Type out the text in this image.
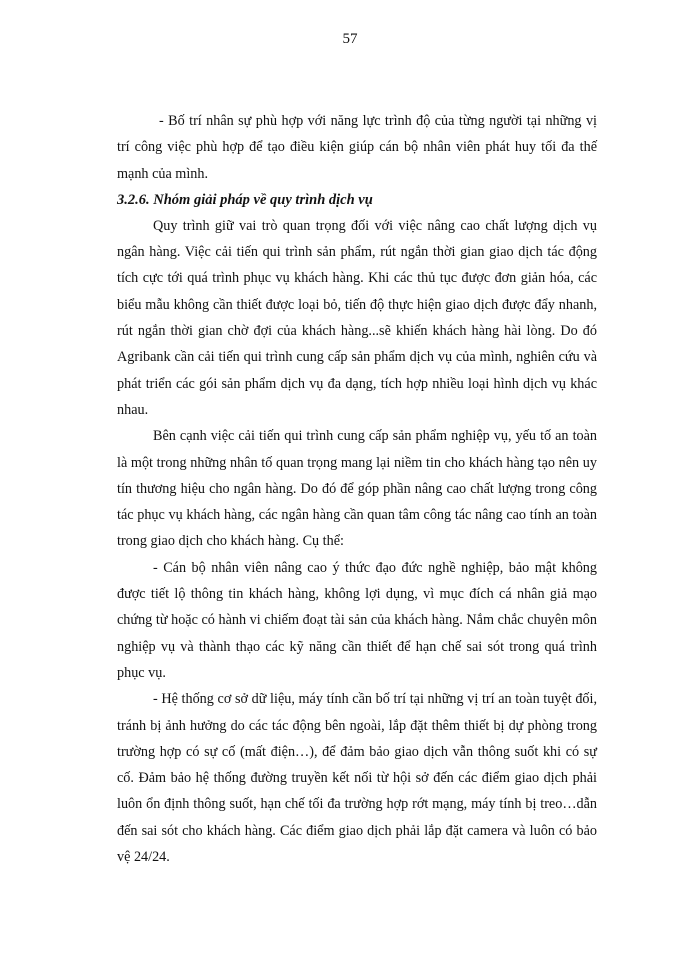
57

- Bố trí nhân sự phù hợp với năng lực trình độ của từng người tại những vị trí công việc phù hợp để tạo điều kiện giúp cán bộ nhân viên phát huy tối đa thế mạnh của mình.

3.2.6. Nhóm giải pháp về quy trình dịch vụ

Quy trình giữ vai trò quan trọng đối với việc nâng cao chất lượng dịch vụ ngân hàng. Việc cải tiến qui trình sản phẩm, rút ngắn thời gian giao dịch tác động tích cực tới quá trình phục vụ khách hàng. Khi các thủ tục được đơn giản hóa, các biểu mẫu không cần thiết được loại bỏ, tiến độ thực hiện giao dịch được đẩy nhanh, rút ngắn thời gian chờ đợi của khách hàng...sẽ khiến khách hàng hài lòng. Do đó Agribank cần cải tiến qui trình cung cấp sản phẩm dịch vụ của mình, nghiên cứu và phát triển các gói sản phẩm dịch vụ đa dạng, tích hợp nhiều loại hình dịch vụ khác nhau.

Bên cạnh việc cải tiến qui trình cung cấp sản phẩm nghiệp vụ, yếu tố an toàn là một trong những nhân tố quan trọng mang lại niềm tin cho khách hàng tạo nên uy tín thương hiệu cho ngân hàng. Do đó để góp phần nâng cao chất lượng trong công tác phục vụ khách hàng, các ngân hàng cần quan tâm công tác nâng cao tính an toàn trong giao dịch cho khách hàng. Cụ thể:

- Cán bộ nhân viên nâng cao ý thức đạo đức nghề nghiệp, bảo mật không được tiết lộ thông tin khách hàng, không lợi dụng, vì mục đích cá nhân giả mạo chứng từ hoặc có hành vi chiếm đoạt tài sản của khách hàng. Nắm chắc chuyên môn nghiệp vụ và thành thạo các kỹ năng cần thiết để hạn chế sai sót trong quá trình phục vụ.

- Hệ thống cơ sở dữ liệu, máy tính cần bố trí tại những vị trí an toàn tuyệt đối, tránh bị ảnh hưởng do các tác động bên ngoài, lắp đặt thêm thiết bị dự phòng trong trường hợp có sự cố (mất điện…), để đảm bảo giao dịch vẫn thông suốt khi có sự cố. Đảm bảo hệ thống đường truyền kết nối từ hội sở đến các điểm giao dịch phải luôn ổn định thông suốt, hạn chế tối đa trường hợp rớt mạng, máy tính bị treo…dẫn đến sai sót cho khách hàng. Các điểm giao dịch phải lắp đặt camera và luôn có bảo vệ 24/24.
